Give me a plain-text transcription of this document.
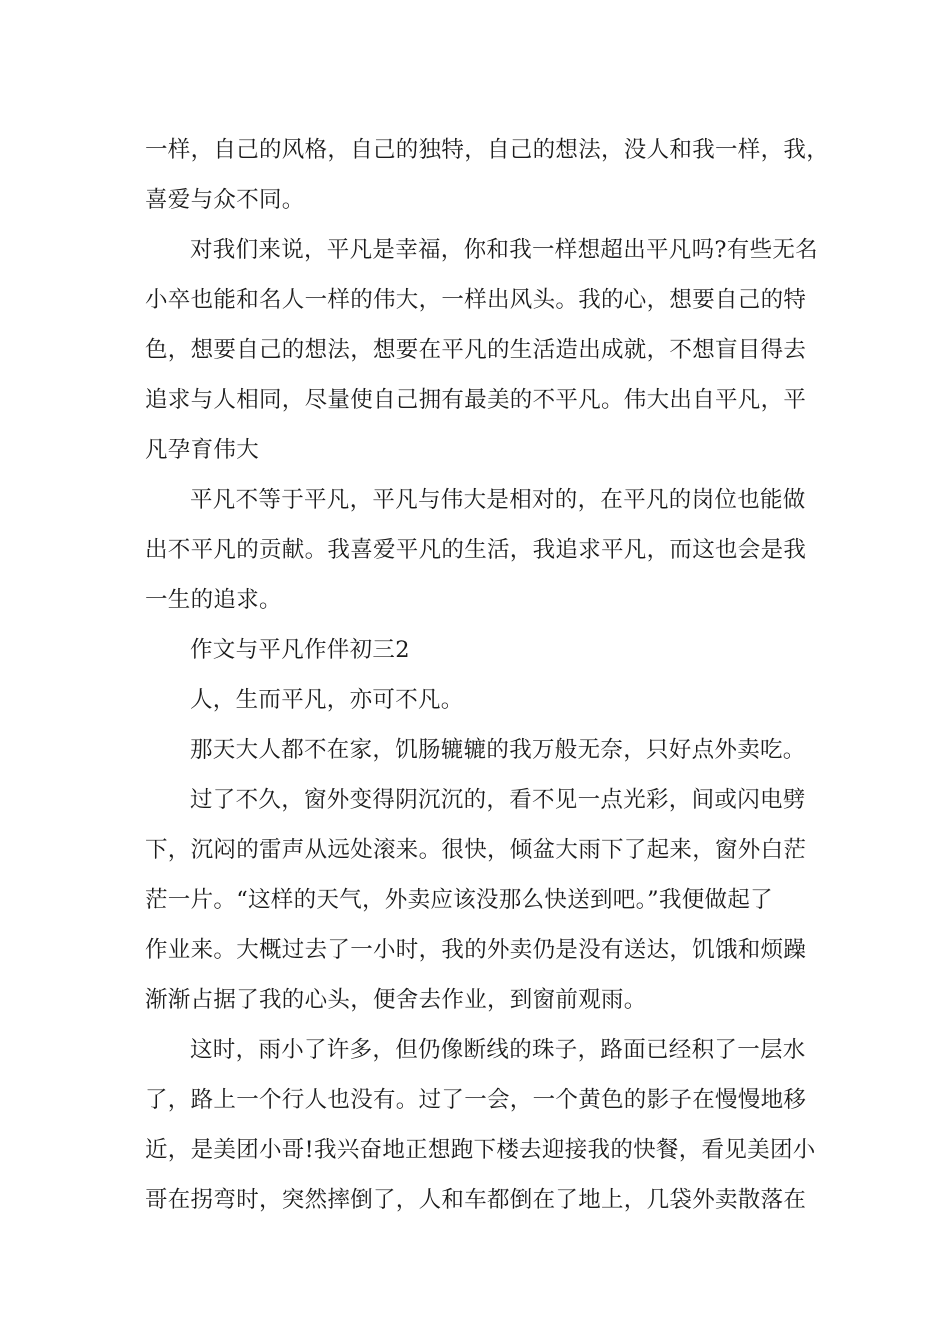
一样，自己的风格，自己的独特，自己的想法，没人和我一样，我，
喜爱与众不同。
对我们来说，平凡是幸福，你和我一样想超出平凡吗?有些无名
小卒也能和名人一样的伟大，一样出风头。我的心，想要自己的特
色，想要自己的想法，想要在平凡的生活造出成就，不想盲目得去
追求与人相同，尽量使自己拥有最美的不平凡。伟大出自平凡，平
凡孕育伟大
平凡不等于平凡，平凡与伟大是相对的，在平凡的岗位也能做
出不平凡的贡献。我喜爱平凡的生活，我追求平凡，而这也会是我
一生的追求。
作文与平凡作伴初三2
人，生而平凡，亦可不凡。
那天大人都不在家，饥肠辘辘的我万般无奈，只好点外卖吃。
过了不久，窗外变得阴沉沉的，看不见一点光彩，间或闪电劈
下，沉闷的雷声从远处滚来。很快，倾盆大雨下了起来，窗外白茫
茫一片。“这样的天气，外卖应该没那么快送到吧。”我便做起了
作业来。大概过去了一小时，我的外卖仍是没有送达，饥饿和烦躁
渐渐占据了我的心头，便舍去作业，到窗前观雨。
这时，雨小了许多，但仍像断线的珠子，路面已经积了一层水
了，路上一个行人也没有。过了一会，一个黄色的影子在慢慢地移
近，是美团小哥!我兴奋地正想跑下楼去迎接我的快餐，看见美团小
哥在拐弯时，突然摔倒了，人和车都倒在了地上，几袋外卖散落在
